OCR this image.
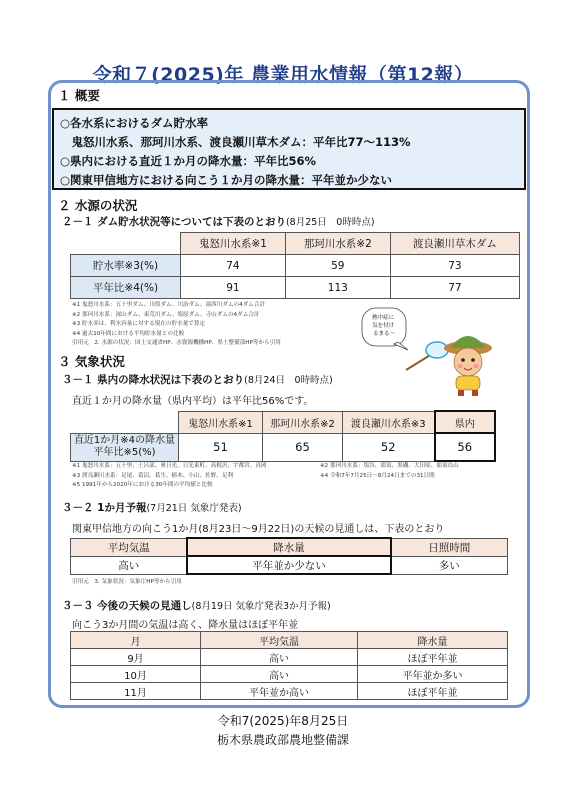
令和７(2025)年 農業用水情報（第12報）
１ 概要
○各水系におけるダム貯水率
　鬼怒川水系、那珂川水系、渡良瀬川草木ダム：平年比77～113%
○県内における直近１か月の降水量：平年比56%
○関東甲信地方における向こう１か月の降水量：平年並か少ない
２ 水源の状況
２－１ ダム貯水状況等については下表のとおり(8月25日　0時時点)
	鬼怒川水系※1	那珂川水系※2	渡良瀬川草木ダム
貯水率※3(%)	74	59	73
平年比※4(%)	91	113	77
※1 鬼怒川水系：五十里ダム、川俣ダム、川治ダム、湯西川ダムの4ダム合計
※2 那珂川水系：深山ダム、東荒川ダム、塩原ダム、寺山ダムの4ダム合計
※3 貯水率は、利水容量に対する現在の貯水量で算定
※4 過去10年間における平均貯水量との比較
引用元　2. 水源の状況：国土交通省HP、水資源機構HP、県土整備部HP等から引用
熱中症に 気を付け るまる～
３ 気象状況
３－１ 県内の降水状況は下表のとおり(8月24日　0時時点)
直近１か月の降水量（県内平均）は平年比56%です。
	鬼怒川水系※1	那珂川水系※2	渡良瀬川水系※3	県内
直近1か月※4の降水量平年比※5(%)	51	65	52	56
※1 鬼怒川水系：五十里、土呂部、奥日光、日光東町、高根沢、宇都宮、真岡
※3 渡良瀬川水系：足尾、葛沼、葛生、栃木、小山、佐野、足利
※5 1991年から2020年における30年間の平均値と比較
※2 那珂川水系：塩谷、那須、黒磯、大田原、那須烏山
※4 令和7年7月25日～8月24日までの31日間
３－２ 1か月予報(7月21日 気象庁発表)
関東甲信地方の向こう1か月(8月23日～9月22日)の天候の見通しは、下表のとおり
平均気温	降水量	日照時間
高い	平年並か少ない	多い
引用元　3. 気象状況：気象庁HP等から引用
３－３ 今後の天候の見通し(8月19日 気象庁発表3か月予報)
向こう3か月間の気温は高く、降水量はほぼ平年並
月	平均気温	降水量
9月	高い	ほぼ平年並
10月	高い	平年並か多い
11月	平年並か高い	ほぼ平年並
令和7(2025)年8月25日
栃木県農政部農地整備課
